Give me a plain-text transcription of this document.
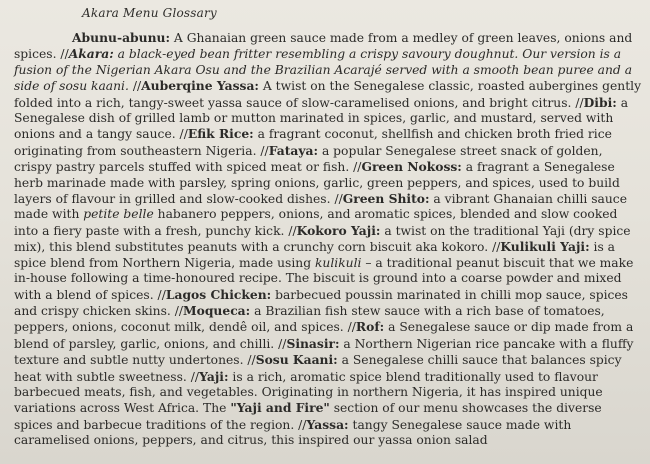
Akara Menu Glossary
Abunu-abunu: A Ghanaian green sauce made from a medley of green leaves, onions and spices. //Akara: a black-eyed bean fritter resembling a crispy savoury doughnut. Our version is a fusion of the Nigerian Akara Osu and the Brazilian Acarajé served with a smooth bean puree and a side of sosu kaani. //Auberqine Yassa: A twist on the Senegalese classic, roasted aubergines gently folded into a rich, tangy-sweet yassa sauce of slow-caramelised onions, and bright citrus. //Dibi: a Senegalese dish of grilled lamb or mutton marinated in spices, garlic, and mustard, served with onions and a tangy sauce. //Efik Rice: a fragrant coconut, shellfish and chicken broth fried rice originating from southeastern Nigeria. //Fataya: a popular Senegalese street snack of golden, crispy pastry parcels stuffed with spiced meat or fish. //Green Nokoss: a fragrant a Senegalese herb marinade made with parsley, spring onions, garlic, green peppers, and spices, used to build layers of flavour in grilled and slow-cooked dishes. //Green Shito: a vibrant Ghanaian chilli sauce made with petite belle habanero peppers, onions, and aromatic spices, blended and slow cooked into a fiery paste with a fresh, punchy kick. //Kokoro Yaji: a twist on the traditional Yaji (dry spice mix), this blend substitutes peanuts with a crunchy corn biscuit aka kokoro. //Kulikuli Yaji: is a spice blend from Northern Nigeria, made using kulikuli – a traditional peanut biscuit that we make in-house following a time-honoured recipe. The biscuit is ground into a coarse powder and mixed with a blend of spices. //Lagos Chicken: barbecued poussin marinated in chilli mop sauce, spices and crispy chicken skins. //Moqueca: a Brazilian fish stew sauce with a rich base of tomatoes, peppers, onions, coconut milk, dendê oil, and spices. //Rof: a Senegalese sauce or dip made from a blend of parsley, garlic, onions, and chilli. //Sinasir: a Northern Nigerian rice pancake with a fluffy texture and subtle nutty undertones. //Sosu Kaani: a Senegalese chilli sauce that balances spicy heat with subtle sweetness. //Yaji: is a rich, aromatic spice blend traditionally used to flavour barbecued meats, fish, and vegetables. Originating in northern Nigeria, it has inspired unique variations across West Africa. The "Yaji and Fire" section of our menu showcases the diverse spices and barbecue traditions of the region. //Yassa: tangy Senegalese sauce made with caramelised onions, peppers, and citrus, this inspired our yassa onion salad
